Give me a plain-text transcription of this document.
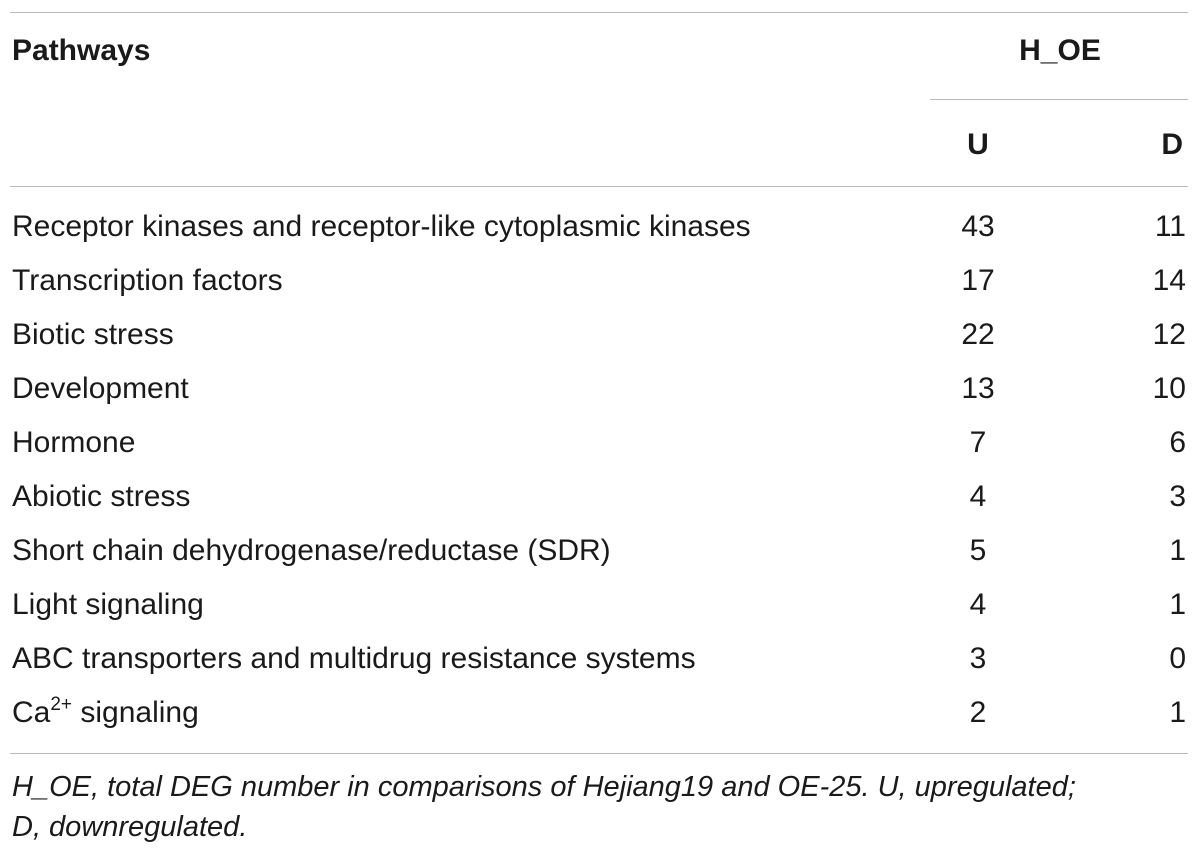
Pathways	H_OE
U	D
Receptor kinases and receptor-like cytoplasmic kinases	43	11
Transcription factors	17	14
Biotic stress	22	12
Development	13	10
Hormone	7	6
Abiotic stress	4	3
Short chain dehydrogenase/reductase (SDR)	5	1
Light signaling	4	1
ABC transporters and multidrug resistance systems	3	0
$Ca^{2+}$ signaling	2	1
H_OE, total DEG number in comparisons of Hejiang19 and OE-25. U, upregulated;
D, downregulated.
